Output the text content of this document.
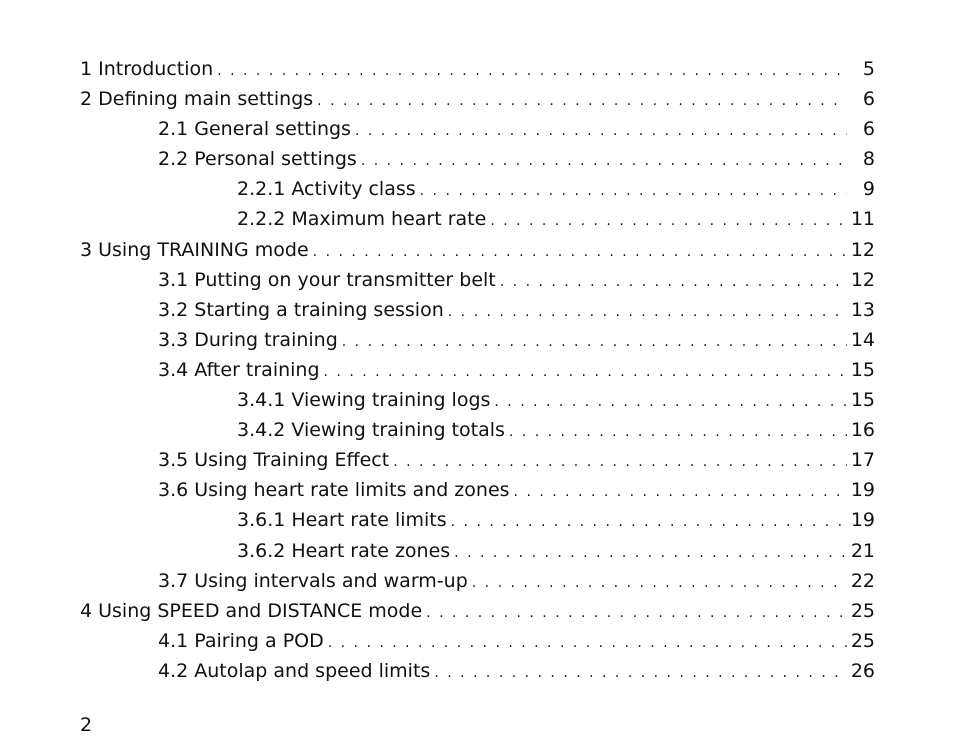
1 Introduction . . .	5
2 Defining main settings . . .	6
2.1 General settings . . .	6
2.2 Personal settings . . .	8
2.2.1 Activity class . . .	9
2.2.2 Maximum heart rate . . .	11
3 Using TRAINING mode . . .	12
3.1 Putting on your transmitter belt . . .	12
3.2 Starting a training session . . .	13
3.3 During training . . .	14
3.4 After training . . .	15
3.4.1 Viewing training logs . . .	15
3.4.2 Viewing training totals . . .	16
3.5 Using Training Effect . . .	17
3.6 Using heart rate limits and zones . . .	19
3.6.1 Heart rate limits . . .	19
3.6.2 Heart rate zones . . .	21
3.7 Using intervals and warm-up . . .	22
4 Using SPEED and DISTANCE mode . . .	25
4.1 Pairing a POD . . .	25
4.2 Autolap and speed limits . . .	26
2
